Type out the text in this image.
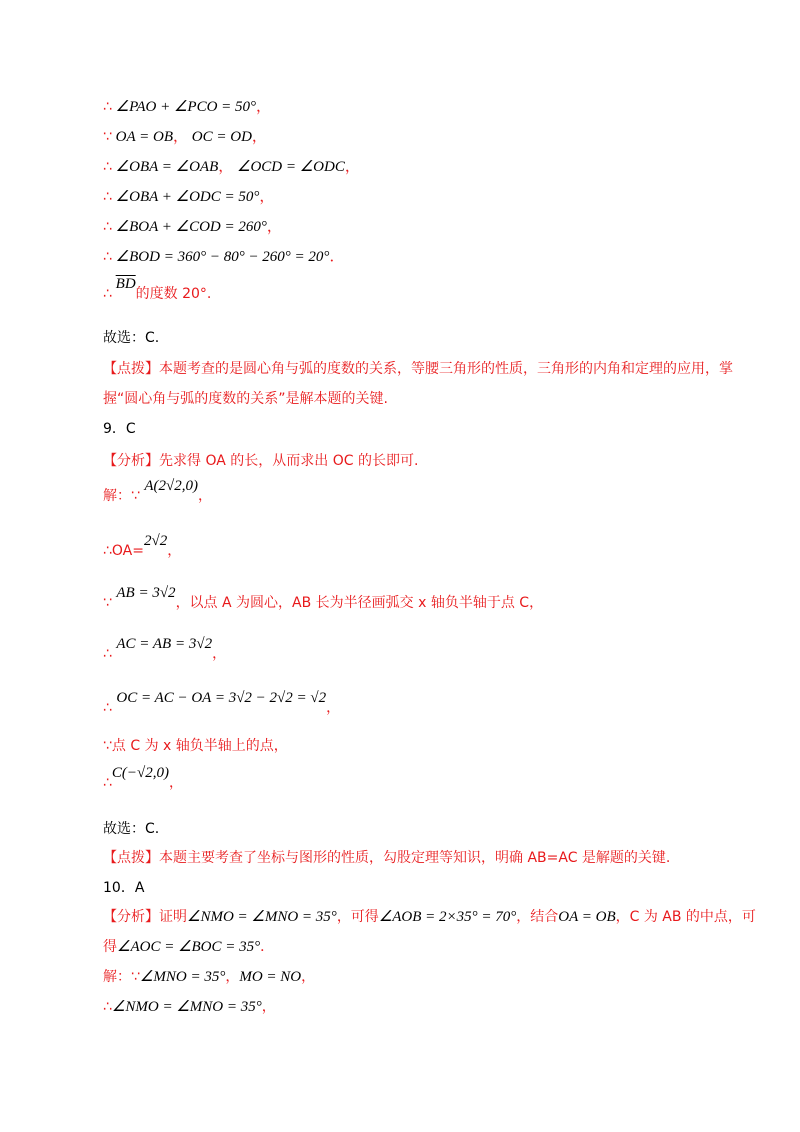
∴ ∠PAO + ∠PCO = 50°，
∵ OA = OB， OC = OD，
∴ ∠OBA = ∠OAB， ∠OCD = ∠ODC，
∴ ∠OBA + ∠ODC = 50°，
∴ ∠BOA + ∠COD = 260°，
∴ ∠BOD = 360° − 80° − 260° = 20°．
∴ $\overline{BD}$的度数 20°.
故选：C.
【点拨】本题考查的是圆心角与弧的度数的关系，等腰三角形的性质，三角形的内角和定理的应用，掌握“圆心角与弧的度数的关系”是解本题的关键.
9．C
【分析】先求得 OA 的长，从而求出 OC 的长即可.
解：∵ A(2√2,0)，
∴OA=2√2，
∵ AB = 3√2，以点 A 为圆心，AB 长为半径画弧交 x 轴负半轴于点 C，
∴ AC = AB = 3√2，
∴ OC = AC − OA = 3√2 − 2√2 = √2，
∵点 C 为 x 轴负半轴上的点，
∴C(−√2,0)，
故选：C.
【点拨】本题主要考查了坐标与图形的性质，勾股定理等知识，明确 AB=AC 是解题的关键.
10．A
【分析】证明∠NMO = ∠MNO = 35°，可得∠AOB = 2×35° = 70°，结合OA = OB，C 为 AB 的中点，可
得∠AOC = ∠BOC = 35°．
解：∵∠MNO = 35°，MO = NO，
∴∠NMO = ∠MNO = 35°，
